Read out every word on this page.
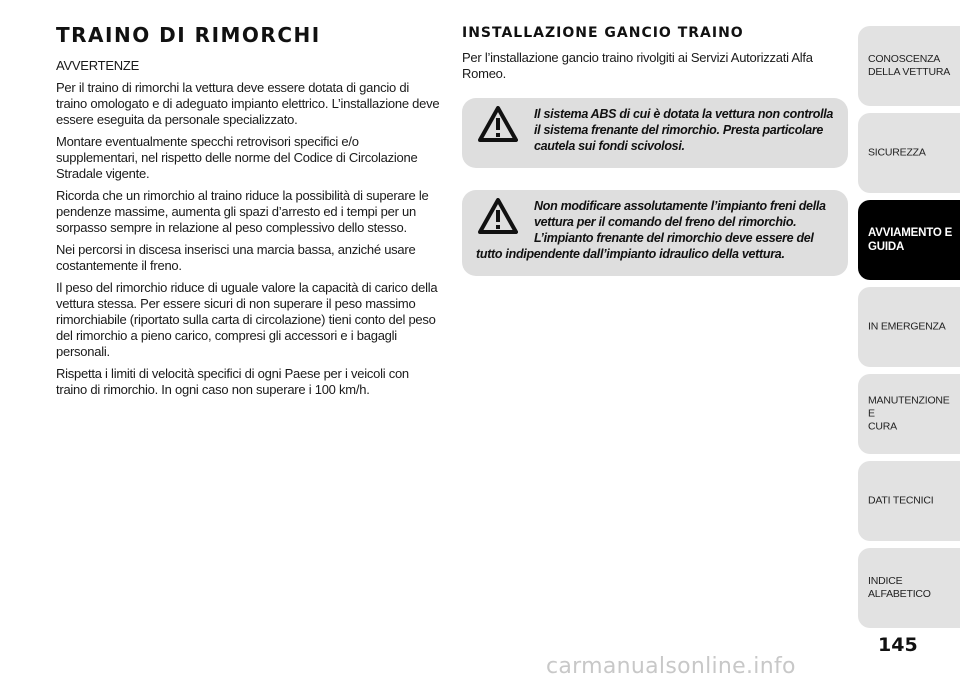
TRAINO DI RIMORCHI

AVVERTENZE

Per il traino di rimorchi la vettura deve essere dotata di gancio di traino omologato e di adeguato impianto elettrico. L’installazione deve essere eseguita da personale specializzato.

Montare eventualmente specchi retrovisori specifici e/o supplementari, nel rispetto delle norme del Codice di Circolazione Stradale vigente.

Ricorda che un rimorchio al traino riduce la possibilità di superare le pendenze massime, aumenta gli spazi d’arresto ed i tempi per un sorpasso sempre in relazione al peso complessivo dello stesso.

Nei percorsi in discesa inserisci una marcia bassa, anziché usare costantemente il freno.

Il peso del rimorchio riduce di uguale valore la capacità di carico della vettura stessa. Per essere sicuri di non superare il peso massimo rimorchiabile (riportato sulla carta di circolazione) tieni conto del peso del rimorchio a pieno carico, compresi gli accessori e i bagagli personali.

Rispetta i limiti di velocità specifici di ogni Paese per i veicoli con traino di rimorchio. In ogni caso non superare i 100 km/h.

INSTALLAZIONE GANCIO TRAINO

Per l’installazione gancio traino rivolgiti ai Servizi Autorizzati Alfa Romeo.

Il sistema ABS di cui è dotata la vettura non controlla il sistema frenante del rimorchio. Presta particolare cautela sui fondi scivolosi.

Non modificare assolutamente l’impianto freni della vettura per il comando del freno del rimorchio.

L’impianto frenante del rimorchio deve essere del tutto indipendente dall’impianto idraulico della vettura.

CONOSCENZA
DELLA VETTURA
SICUREZZA
AVVIAMENTO E
GUIDA
IN EMERGENZA
MANUTENZIONE E
CURA
DATI TECNICI
INDICE ALFABETICO
145
carmanualsonline.info
